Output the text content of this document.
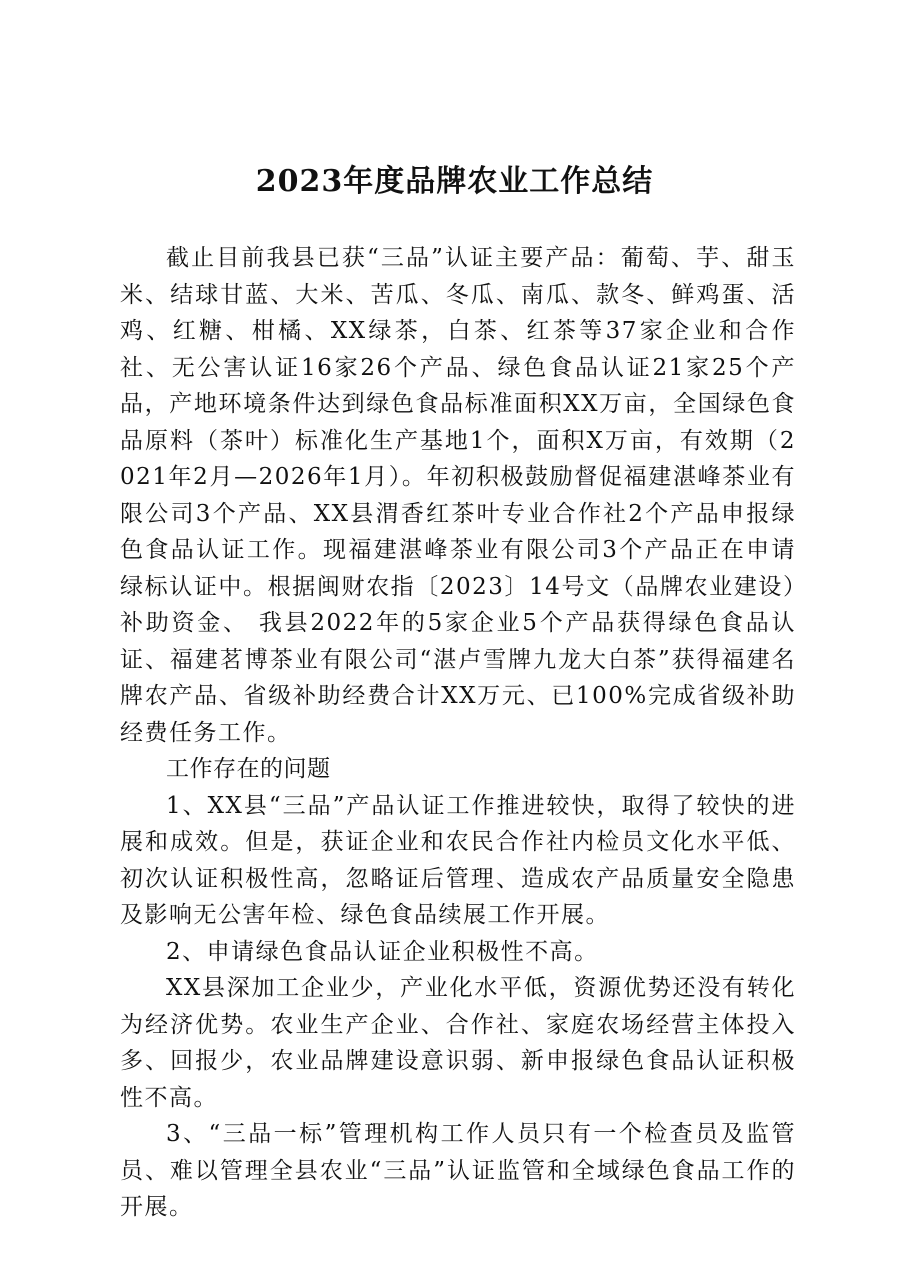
2023年度品牌农业工作总结

截止目前我县已获“三品”认证主要产品：葡萄、芋、甜玉米、结球甘蓝、大米、苦瓜、冬瓜、南瓜、款冬、鲜鸡蛋、活鸡、红糖、柑橘、XX绿茶，白茶、红茶等37家企业和合作社、无公害认证16家26个产品、绿色食品认证21家25个产品，产地环境条件达到绿色食品标准面积XX万亩，全国绿色食品原料（茶叶）标准化生产基地1个，面积X万亩，有效期（2021年2月—2026年1月）。年初积极鼓励督促福建湛峰茶业有限公司3个产品、XX县渭香红茶叶专业合作社2个产品申报绿色食品认证工作。现福建湛峰茶业有限公司3个产品正在申请绿标认证中。根据闽财农指〔2023〕14号文（品牌农业建设）补助资金、 我县2022年的5家企业5个产品获得绿色食品认证、福建茗博茶业有限公司“湛卢雪牌九龙大白茶”获得福建名牌农产品、省级补助经费合计XX万元、已100%完成省级补助经费任务工作。

工作存在的问题

1、XX县“三品”产品认证工作推进较快，取得了较快的进展和成效。但是，获证企业和农民合作社内检员文化水平低、初次认证积极性高，忽略证后管理、造成农产品质量安全隐患及影响无公害年检、绿色食品续展工作开展。

2、申请绿色食品认证企业积极性不高。

XX县深加工企业少，产业化水平低，资源优势还没有转化为经济优势。农业生产企业、合作社、家庭农场经营主体投入多、回报少，农业品牌建设意识弱、新申报绿色食品认证积极性不高。

3、“三品一标”管理机构工作人员只有一个检查员及监管员、难以管理全县农业“三品”认证监管和全域绿色食品工作的开展。
